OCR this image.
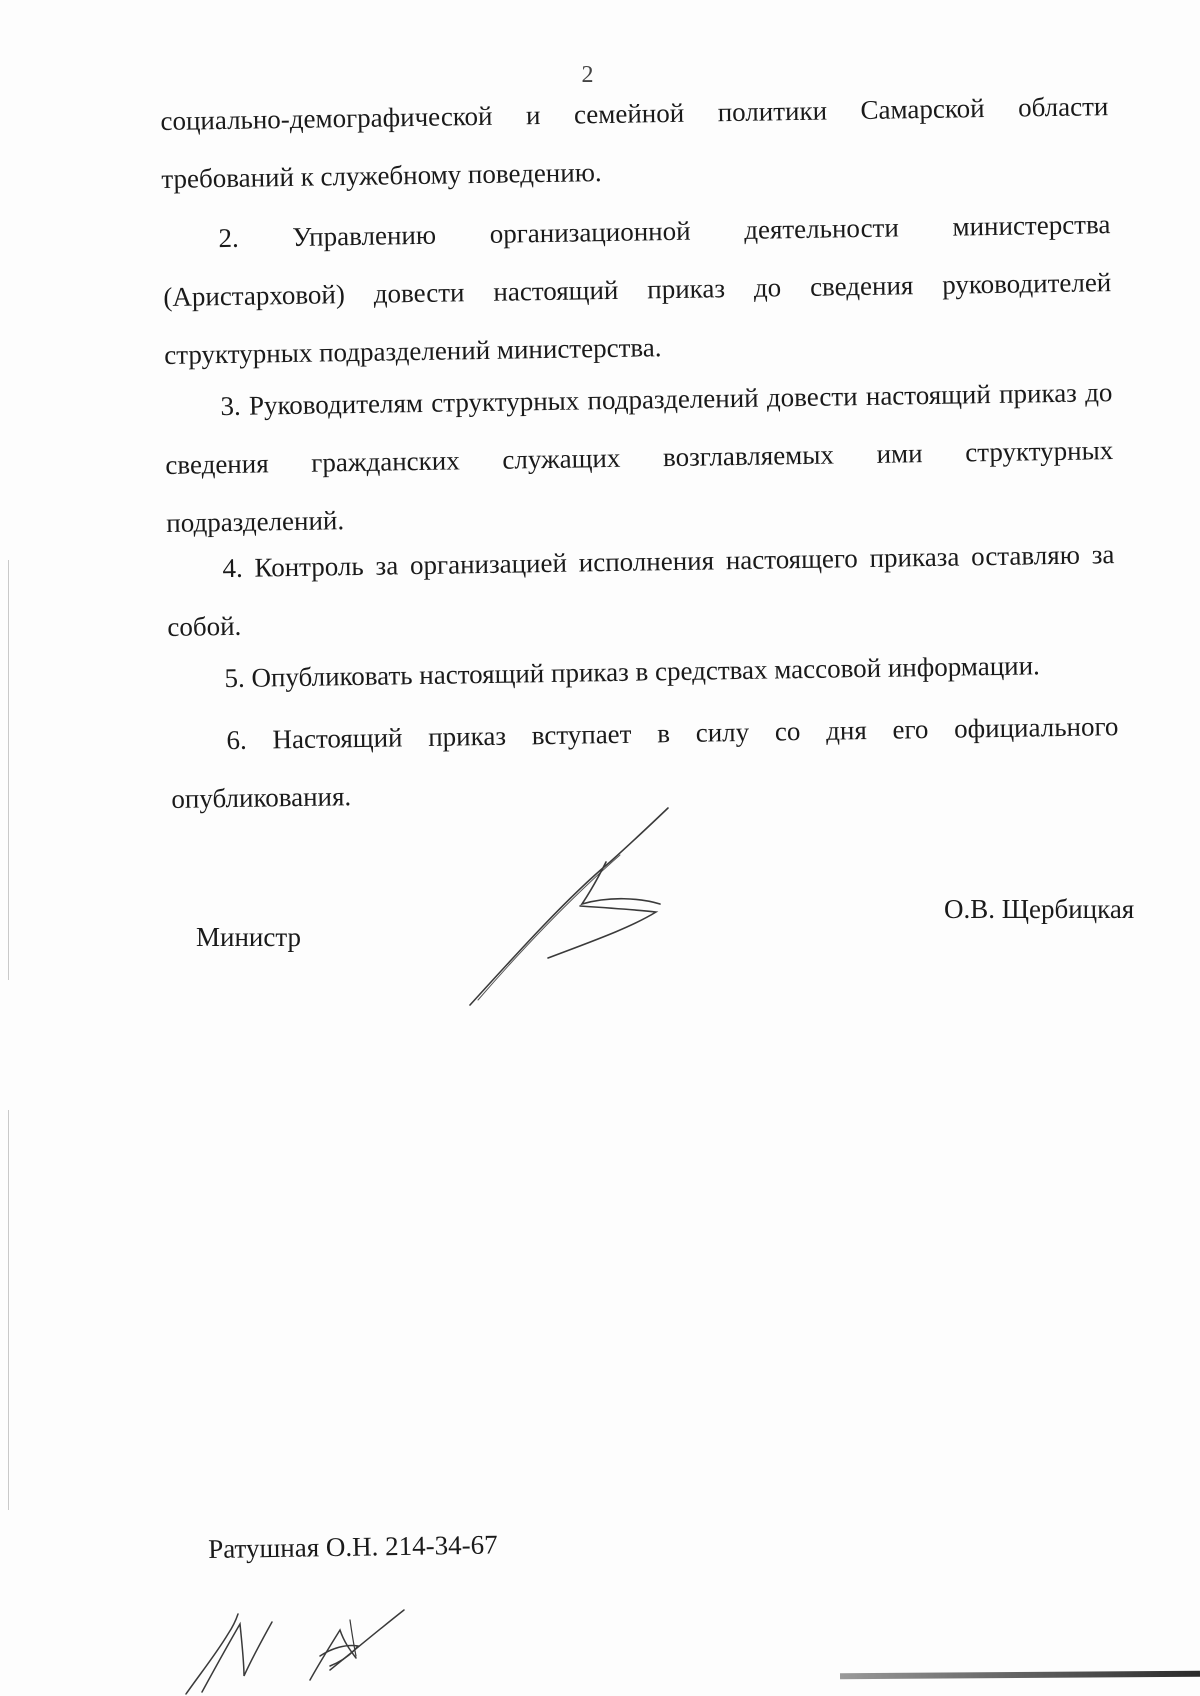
2

социально-демографической и семейной политики Самарской области требований к служебному поведению.

2. Управлению организационной деятельности министерства (Аристарховой) довести настоящий приказ до сведения руководителей структурных подразделений министерства.

3. Руководителям структурных подразделений довести настоящий приказ до сведения гражданских служащих возглавляемых ими структурных подразделений.

4. Контроль за организацией исполнения настоящего приказа оставляю за собой.

5. Опубликовать настоящий приказ в средствах массовой информации.

6. Настоящий приказ вступает в силу со дня его официального опубликования.

Министр
О.В. Щербицкая
Ратушная О.Н. 214-34-67
